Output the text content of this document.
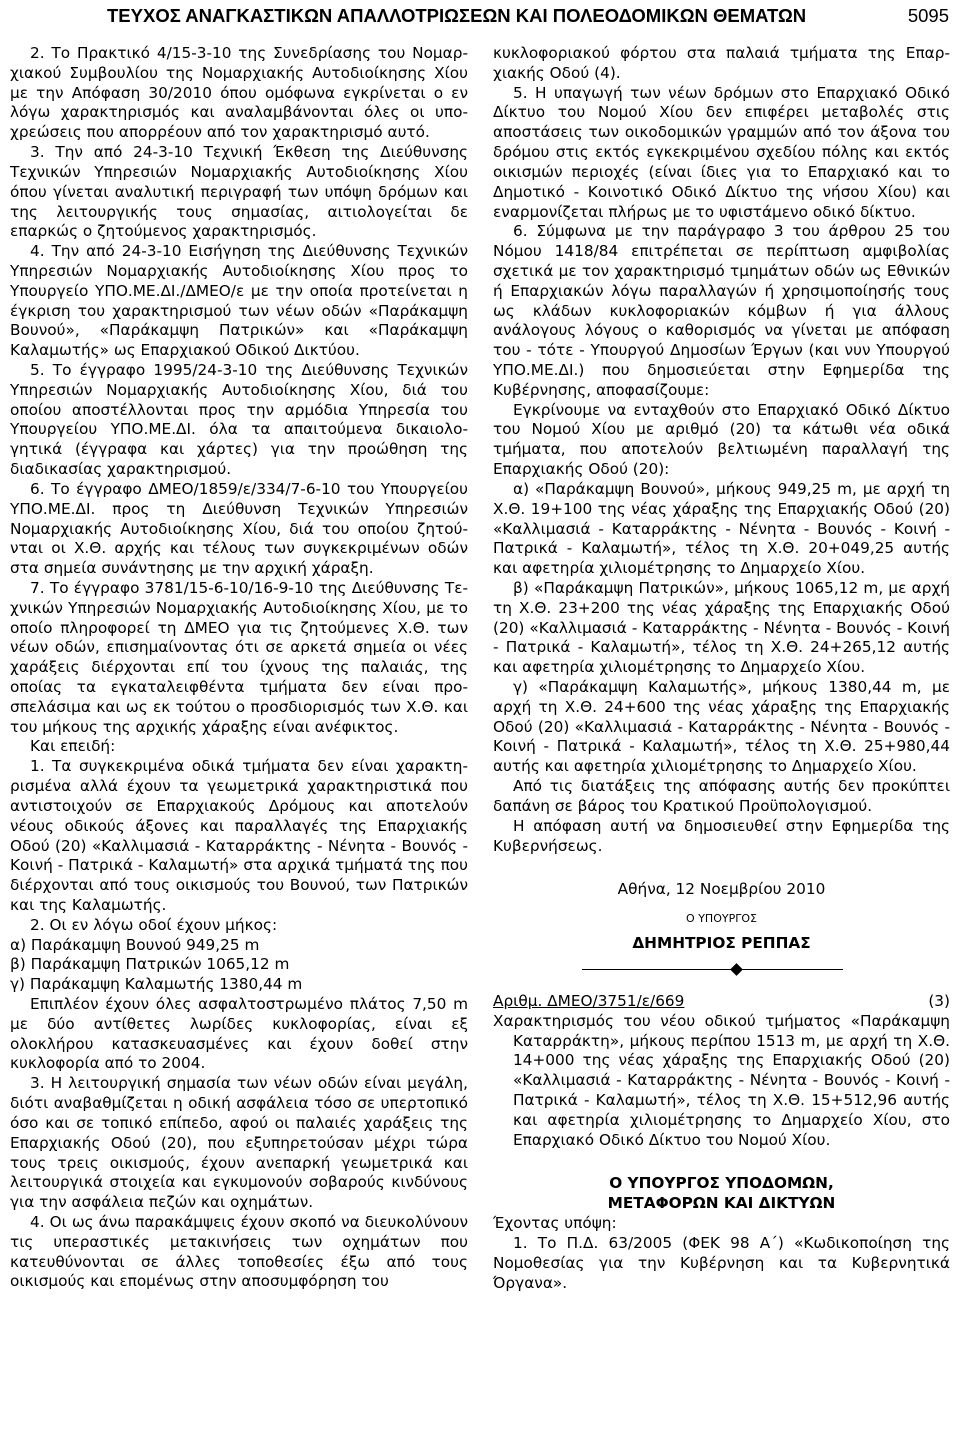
ΤΕΥΧΟΣ ΑΝΑΓΚΑΣΤΙΚΩΝ ΑΠΑΛΛΟΤΡΙΩΣΕΩΝ ΚΑΙ ΠΟΛΕΟΔΟΜΙΚΩΝ ΘΕΜΑΤΩΝ	5095

2. Το Πρακτικό 4/15-3-10 της Συνεδρίασης του Νομαρχιακού Συμβουλίου της Νομαρχιακής Αυτοδιοίκησης Χίου με την Απόφαση 30/2010 όπου ομόφωνα εγκρίνεται ο εν λόγω χαρακτηρισμός και αναλαμβάνονται όλες οι υποχρεώσεις που απορρέουν από τον χαρακτηρισμό αυτό.

3. Την από 24-3-10 Τεχνική Έκθεση της Διεύθυνσης Τεχνικών Υπηρεσιών Νομαρχιακής Αυτοδιοίκησης Χίου όπου γίνεται αναλυτική περιγραφή των υπόψη δρόμων και της λειτουργικής τους σημασίας, αιτιολογείται δε επαρκώς ο ζητούμενος χαρακτηρισμός.

4. Την από 24-3-10 Εισήγηση της Διεύθυνσης Τεχνικών Υπηρεσιών Νομαρχιακής Αυτοδιοίκησης Χίου προς το Υπουργείο ΥΠΟ.ΜΕ.ΔΙ./ΔΜΕΟ/ε με την οποία προτείνεται η έγκριση του χαρακτηρισμού των νέων οδών «Παράκαμψη Βουνού», «Παράκαμψη Πατρικών» και «Παράκαμψη Καλαμωτής» ως Επαρχιακού Οδικού Δικτύου.

5. Το έγγραφο 1995/24-3-10 της Διεύθυνσης Τεχνικών Υπηρεσιών Νομαρχιακής Αυτοδιοίκησης Χίου, διά του οποίου αποστέλλονται προς την αρμόδια Υπηρεσία του Υπουργείου ΥΠΟ.ΜΕ.ΔΙ. όλα τα απαιτούμενα δικαιολογητικά (έγγραφα και χάρτες) για την προώθηση της διαδικασίας χαρακτηρισμού.

6. Το έγγραφο ΔΜΕΟ/1859/ε/334/7-6-10 του Υπουργείου ΥΠΟ.ΜΕ.ΔΙ. προς τη Διεύθυνση Τεχνικών Υπηρεσιών Νομαρχιακής Αυτοδιοίκησης Χίου, διά του οποίου ζητούνται οι Χ.Θ. αρχής και τέλους των συγκεκριμένων οδών στα σημεία συνάντησης με την αρχική χάραξη.

7. Το έγγραφο 3781/15-6-10/16-9-10 της Διεύθυνσης Τεχνικών Υπηρεσιών Νομαρχιακής Αυτοδιοίκησης Χίου, με το οποίο πληροφορεί τη ΔΜΕΟ για τις ζητούμενες Χ.Θ. των νέων οδών, επισημαίνοντας ότι σε αρκετά σημεία οι νέες χαράξεις διέρχονται επί του ίχνους της παλαιάς, της οποίας τα εγκαταλειφθέντα τμήματα δεν είναι προσπελάσιμα και ως εκ τούτου ο προσδιορισμός των Χ.Θ. και του μήκους της αρχικής χάραξης είναι ανέφικτος.

Και επειδή:

1. Τα συγκεκριμένα οδικά τμήματα δεν είναι χαρακτηρισμένα αλλά έχουν τα γεωμετρικά χαρακτηριστικά που αντιστοιχούν σε Επαρχιακούς Δρόμους και αποτελούν νέους οδικούς άξονες και παραλλαγές της Επαρχιακής Οδού (20) «Καλλιμασιά - Καταρράκτης - Νένητα - Βουνός - Κοινή - Πατρικά - Καλαμωτή» στα αρχικά τμήματά της που διέρχονται από τους οικισμούς του Βουνού, των Πατρικών και της Καλαμωτής.

2. Οι εν λόγω οδοί έχουν μήκος:

α) Παράκαμψη Βουνού 949,25 m

β) Παράκαμψη Πατρικών 1065,12 m

γ) Παράκαμψη Καλαμωτής 1380,44 m

Επιπλέον έχουν όλες ασφαλτοστρωμένο πλάτος 7,50 m με δύο αντίθετες λωρίδες κυκλοφορίας, είναι εξ ολοκλήρου κατασκευασμένες και έχουν δοθεί στην κυκλοφορία από το 2004.

3. Η λειτουργική σημασία των νέων οδών είναι μεγάλη, διότι αναβαθμίζεται η οδική ασφάλεια τόσο σε υπερτοπικό όσο και σε τοπικό επίπεδο, αφού οι παλαιές χαράξεις της Επαρχιακής Οδού (20), που εξυπηρετούσαν μέχρι τώρα τους τρεις οικισμούς, έχουν ανεπαρκή γεωμετρικά και λειτουργικά στοιχεία και εγκυμονούν σοβαρούς κινδύνους για την ασφάλεια πεζών και οχημάτων.

4. Οι ως άνω παρακάμψεις έχουν σκοπό να διευκολύνουν τις υπεραστικές μετακινήσεις των οχημάτων που κατευθύνονται σε άλλες τοποθεσίες έξω από τους οικισμούς και επομένως στην αποσυμφόρηση του

κυκλοφοριακού φόρτου στα παλαιά τμήματα της Επαρχιακής Οδού (4).

5. Η υπαγωγή των νέων δρόμων στο Επαρχιακό Οδικό Δίκτυο του Νομού Χίου δεν επιφέρει μεταβολές στις αποστάσεις των οικοδομικών γραμμών από τον άξονα του δρόμου στις εκτός εγκεκριμένου σχεδίου πόλης και εκτός οικισμών περιοχές (είναι ίδιες για το Επαρχιακό και το Δημοτικό - Κοινοτικό Οδικό Δίκτυο της νήσου Χίου) και εναρμονίζεται πλήρως με το υφιστάμενο οδικό δίκτυο.

6. Σύμφωνα με την παράγραφο 3 του άρθρου 25 του Νόμου 1418/84 επιτρέπεται σε περίπτωση αμφιβολίας σχετικά με τον χαρακτηρισμό τμημάτων οδών ως Εθνικών ή Επαρχιακών λόγω παραλλαγών ή χρησιμοποίησής τους ως κλάδων κυκλοφοριακών κόμβων ή για άλλους ανάλογους λόγους ο καθορισμός να γίνεται με απόφαση του - τότε - Υπουργού Δημοσίων Έργων (και νυν Υπουργού ΥΠΟ.ΜΕ.ΔΙ.) που δημοσιεύεται στην Εφημερίδα της Κυβέρνησης, αποφασίζουμε:

Εγκρίνουμε να ενταχθούν στο Επαρχιακό Οδικό Δίκτυο του Νομού Χίου με αριθμό (20) τα κάτωθι νέα οδικά τμήματα, που αποτελούν βελτιωμένη παραλλαγή της Επαρχιακής Οδού (20):

α) «Παράκαμψη Βουνού», μήκους 949,25 m, με αρχή τη Χ.Θ. 19+100 της νέας χάραξης της Επαρχιακής Οδού (20) «Καλλιμασιά - Καταρράκτης - Νένητα - Βουνός - Κοινή - Πατρικά - Καλαμωτή», τέλος τη Χ.Θ. 20+049,25 αυτής και αφετηρία χιλιομέτρησης το Δημαρχείο Χίου.

β) «Παράκαμψη Πατρικών», μήκους 1065,12 m, με αρχή τη Χ.Θ. 23+200 της νέας χάραξης της Επαρχιακής Οδού (20) «Καλλιμασιά - Καταρράκτης - Νένητα - Βουνός - Κοινή - Πατρικά - Καλαμωτή», τέλος τη Χ.Θ. 24+265,12 αυτής και αφετηρία χιλιομέτρησης το Δημαρχείο Χίου.

γ) «Παράκαμψη Καλαμωτής», μήκους 1380,44 m, με αρχή τη Χ.Θ. 24+600 της νέας χάραξης της Επαρχιακής Οδού (20) «Καλλιμασιά - Καταρράκτης - Νένητα - Βουνός - Κοινή - Πατρικά - Καλαμωτή», τέλος τη Χ.Θ. 25+980,44 αυτής και αφετηρία χιλιομέτρησης το Δημαρχείο Χίου.

Από τις διατάξεις της απόφασης αυτής δεν προκύπτει δαπάνη σε βάρος του Κρατικού Προϋπολογισμού.

Η απόφαση αυτή να δημοσιευθεί στην Εφημερίδα της Κυβερνήσεως.

Αθήνα, 12 Νοεμβρίου 2010

Ο ΥΠΟΥΡΓΟΣ

ΔΗΜΗΤΡΙΟΣ ΡΕΠΠΑΣ

Αριθμ. ΔΜΕΟ/3751/ε/669	(3)

Χαρακτηρισμός του νέου οδικού τμήματος «Παράκαμψη Καταρράκτη», μήκους περίπου 1513 m, με αρχή τη Χ.Θ. 14+000 της νέας χάραξης της Επαρχιακής Οδού (20) «Καλλιμασιά - Καταρράκτης - Νένητα - Βουνός - Κοινή - Πατρικά - Καλαμωτή», τέλος τη Χ.Θ. 15+512,96 αυτής και αφετηρία χιλιομέτρησης το Δημαρχείο Χίου, στο Επαρχιακό Οδικό Δίκτυο του Νομού Χίου.

Ο ΥΠΟΥΡΓΟΣ ΥΠΟΔΟΜΩΝ,

ΜΕΤΑΦΟΡΩΝ ΚΑΙ ΔΙΚΤΥΩΝ

Έχοντας υπόψη:

1. Το Π.Δ. 63/2005 (ΦΕΚ 98 Α΄) «Κωδικοποίηση της Νομοθεσίας για την Κυβέρνηση και τα Κυβερνητικά Όργανα».
